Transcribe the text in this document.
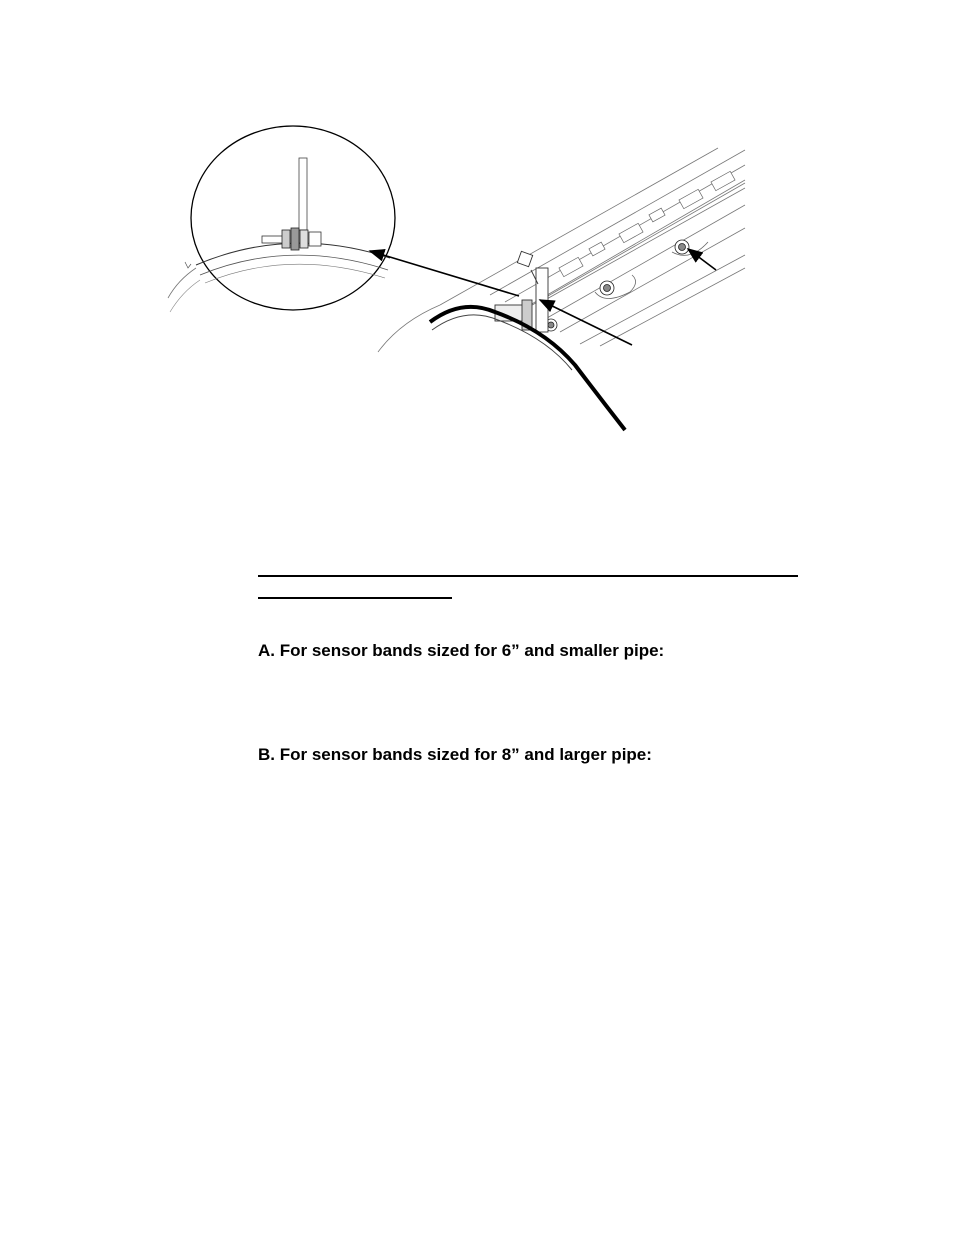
A. For sensor bands sized for 6” and smaller pipe:
B. For sensor bands sized for 8” and larger pipe:
